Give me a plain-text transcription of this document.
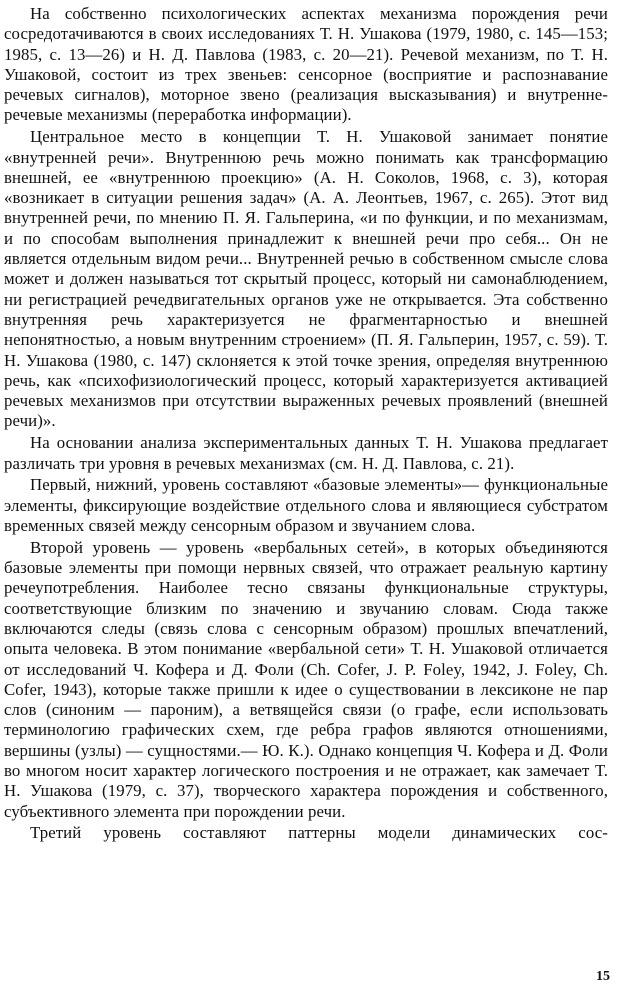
На собственно психологических аспектах механизма порождения речи сосредотачиваются в своих исследованиях Т. Н. Ушакова (1979, 1980, с. 145—153; 1985, с. 13—26) и Н. Д. Павлова (1983, с. 20—21). Речевой механизм, по Т. Н. Ушаковой, состоит из трех звеньев: сенсорное (восприятие и распознавание речевых сигналов), моторное звено (реализация высказывания) и внутренне-речевые механизмы (переработка информации).

Центральное место в концепции Т. Н. Ушаковой занимает понятие «внутренней речи». Внутреннюю речь можно понимать как трансформацию внешней, ее «внутреннюю проекцию» (А. Н. Соколов, 1968, с. 3), которая «возникает в ситуации решения задач» (А. А. Леонтьев, 1967, с. 265). Этот вид внутренней речи, по мнению П. Я. Гальперина, «и по функции, и по механизмам, и по способам выполнения принадлежит к внешней речи про себя... Он не является отдельным видом речи... Внутренней речью в собственном смысле слова может и должен называться тот скрытый процесс, который ни самонаблюдением, ни регистрацией речедвигательных органов уже не открывается. Эта собственно внутренняя речь характеризуется не фрагментарностью и внешней непонятностью, а новым внутренним строением» (П. Я. Гальперин, 1957, с. 59). Т. Н. Ушакова (1980, с. 147) склоняется к этой точке зрения, определяя внутреннюю речь, как «психофизиологический процесс, который характеризуется активацией речевых механизмов при отсутствии выраженных речевых проявлений (внешней речи)».

На основании анализа экспериментальных данных Т. Н. Ушакова предлагает различать три уровня в речевых механизмах (см. Н. Д. Павлова, с. 21).

Первый, нижний, уровень составляют «базовые элементы»— функциональные элементы, фиксирующие воздействие отдельного слова и являющиеся субстратом временных связей между сенсорным образом и звучанием слова.

Второй уровень — уровень «вербальных сетей», в которых объединяются базовые элементы при помощи нервных связей, что отражает реальную картину речеупотребления. Наиболее тесно связаны функциональные структуры, соответствующие близким по значению и звучанию словам. Сюда также включаются следы (связь слова с сенсорным образом) прошлых впечатлений, опыта человека. В этом понимание «вербальной сети» Т. Н. Ушаковой отличается от исследований Ч. Кофера и Д. Фоли (Ch. Cofer, J. P. Foley, 1942, J. Foley, Ch. Cofer, 1943), которые также пришли к идее о существовании в лексиконе не пар слов (синоним — пароним), а ветвящейся связи (о графе, если использовать терминологию графических схем, где ребра графов являются отношениями, вершины (узлы) — сущностями.— Ю. К.). Однако концепция Ч. Кофера и Д. Фоли во многом носит характер логического построения и не отражает, как замечает Т. Н. Ушакова (1979, с. 37), творческого характера порождения и собственного, субъективного элемента при порождении речи.

Третий уровень составляют паттерны модели динамических сос-

15
